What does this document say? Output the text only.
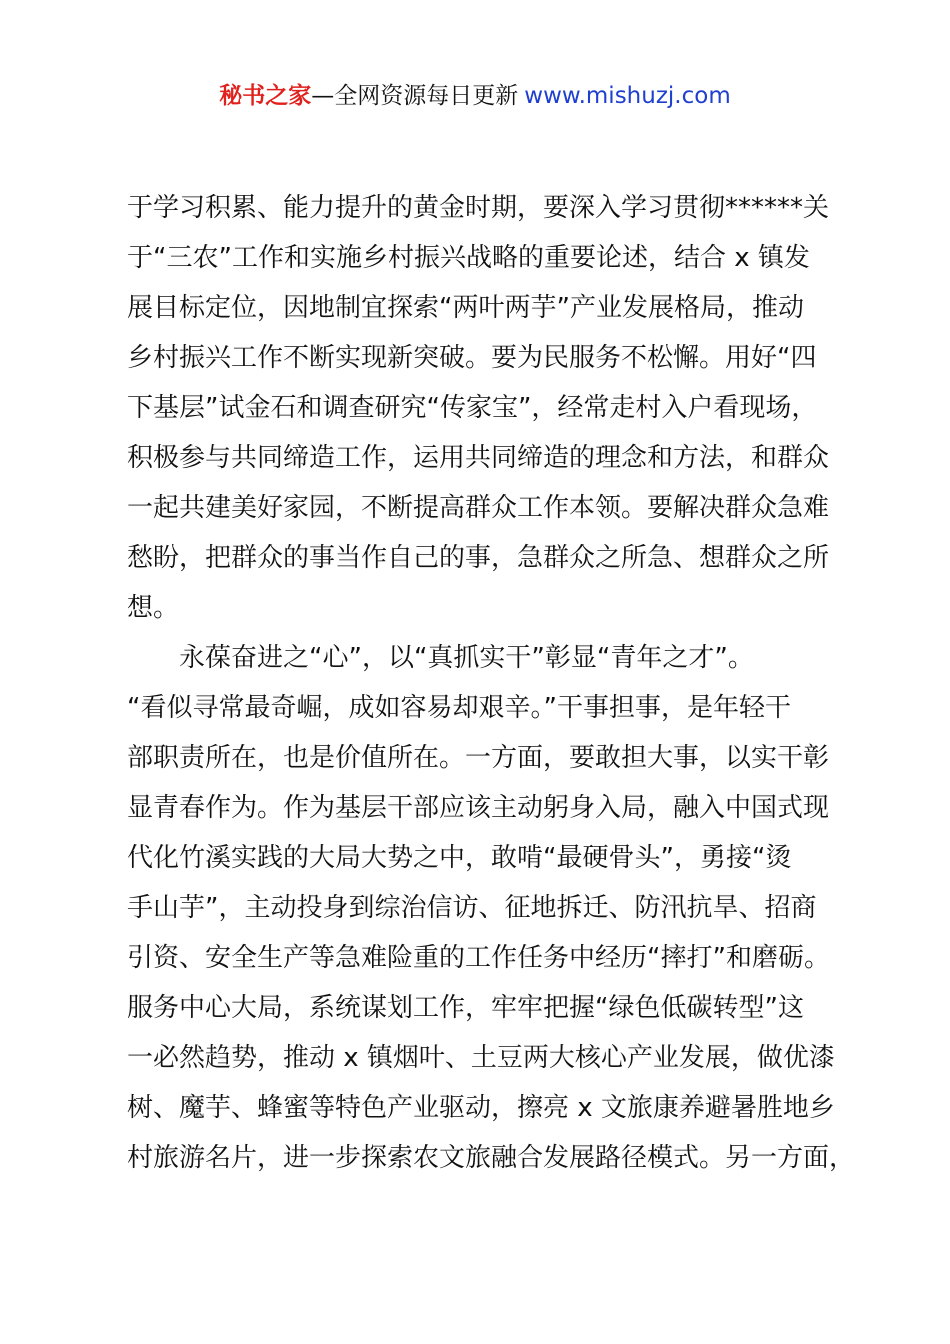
秘书之家—全网资源每日更新 www.mishuzj.com
于学习积累、能力提升的黄金时期，要深入学习贯彻******关
于“三农”工作和实施乡村振兴战略的重要论述，结合 x 镇发
展目标定位，因地制宜探索“两叶两芋”产业发展格局，推动
乡村振兴工作不断实现新突破。要为民服务不松懈。用好“四
下基层”试金石和调查研究“传家宝”，经常走村入户看现场，
积极参与共同缔造工作，运用共同缔造的理念和方法，和群众
一起共建美好家园，不断提高群众工作本领。要解决群众急难
愁盼，把群众的事当作自己的事，急群众之所急、想群众之所
想。
永葆奋进之“心”，以“真抓实干”彰显“青年之才”。
“看似寻常最奇崛，成如容易却艰辛。”干事担事，是年轻干
部职责所在，也是价值所在。一方面，要敢担大事，以实干彰
显青春作为。作为基层干部应该主动躬身入局，融入中国式现
代化竹溪实践的大局大势之中，敢啃“最硬骨头”，勇接“烫
手山芋”，主动投身到综治信访、征地拆迁、防汛抗旱、招商
引资、安全生产等急难险重的工作任务中经历“摔打”和磨砺。
服务中心大局，系统谋划工作，牢牢把握“绿色低碳转型”这
一必然趋势，推动 x 镇烟叶、土豆两大核心产业发展，做优漆
树、魔芋、蜂蜜等特色产业驱动，擦亮 x 文旅康养避暑胜地乡
村旅游名片，进一步探索农文旅融合发展路径模式。另一方面，
